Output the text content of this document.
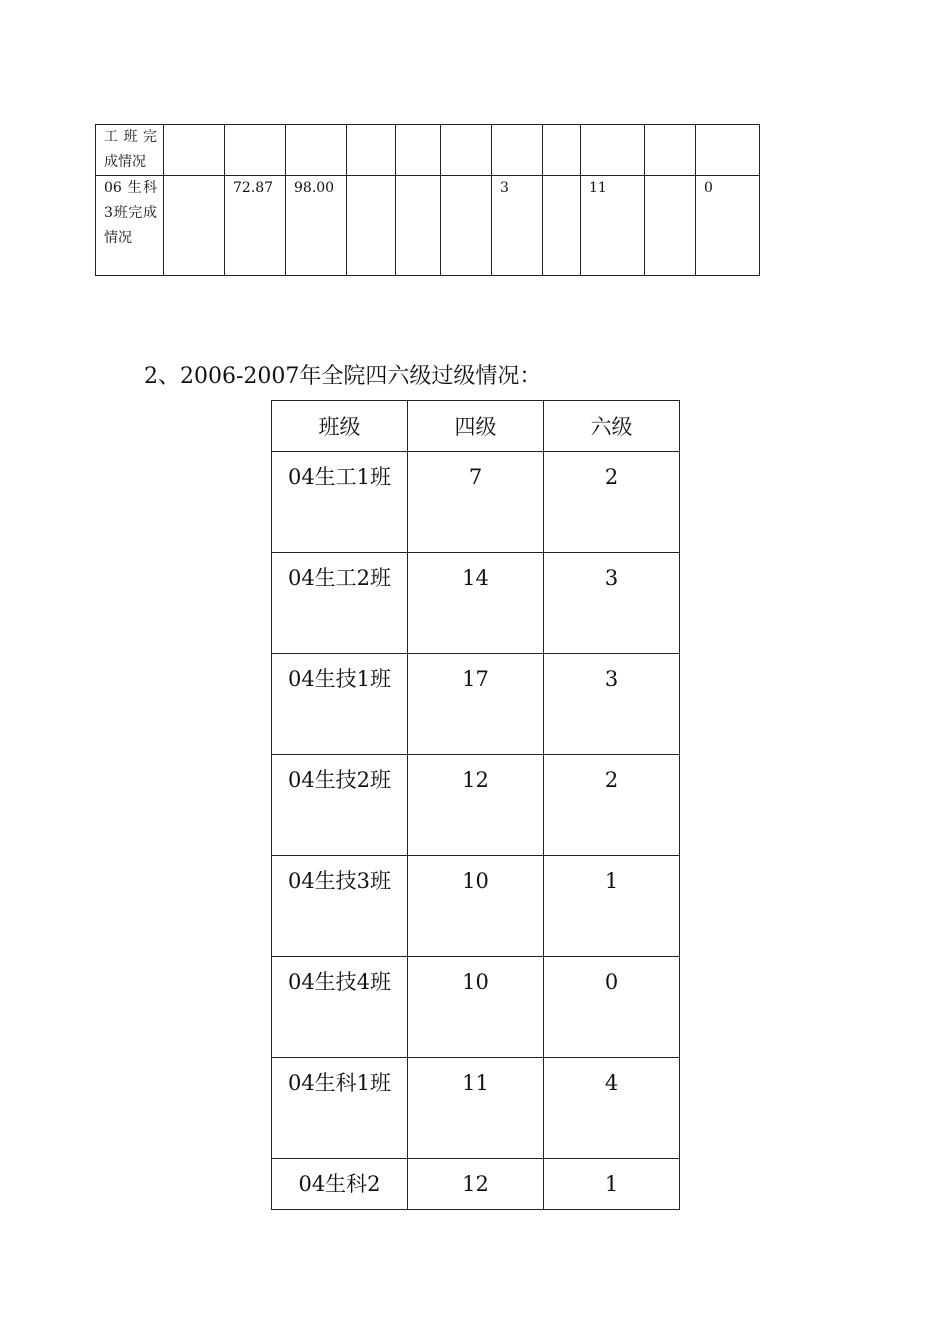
工班完成情况											
06 生科3班完成情况		72.87	98.00				3		11		0
2、2006-2007年全院四六级过级情况：
班级	四级	六级
04生工1班	7	2
04生工2班	14	3
04生技1班	17	3
04生技2班	12	2
04生技3班	10	1
04生技4班	10	0
04生科1班	11	4
04生科2	12	1
